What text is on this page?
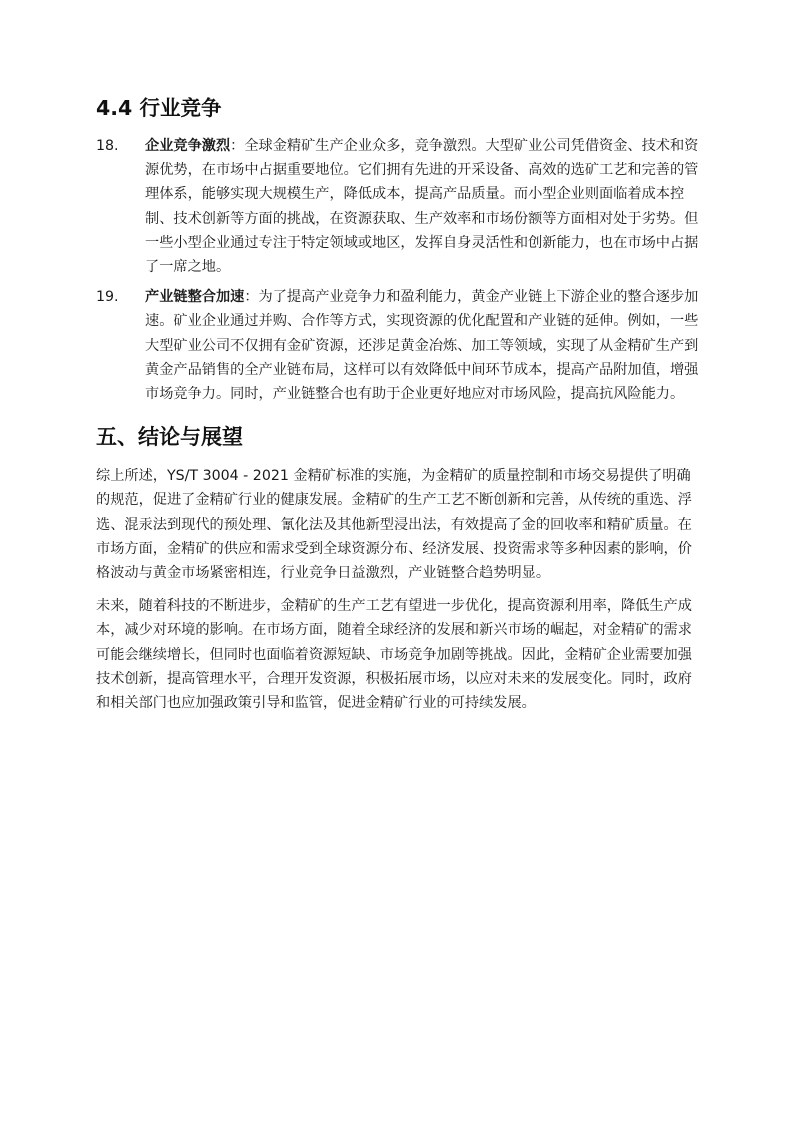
4.4 行业竞争
18.	企业竞争激烈：全球金精矿生产企业众多，竞争激烈。大型矿业公司凭借资金、技术和资源优势，在市场中占据重要地位。它们拥有先进的开采设备、高效的选矿工艺和完善的管理体系，能够实现大规模生产，降低成本，提高产品质量。而小型企业则面临着成本控制、技术创新等方面的挑战，在资源获取、生产效率和市场份额等方面相对处于劣势。但一些小型企业通过专注于特定领域或地区，发挥自身灵活性和创新能力，也在市场中占据了一席之地。
19.	产业链整合加速：为了提高产业竞争力和盈利能力，黄金产业链上下游企业的整合逐步加速。矿业企业通过并购、合作等方式，实现资源的优化配置和产业链的延伸。例如，一些大型矿业公司不仅拥有金矿资源，还涉足黄金冶炼、加工等领域，实现了从金精矿生产到黄金产品销售的全产业链布局，这样可以有效降低中间环节成本，提高产品附加值，增强市场竞争力。同时，产业链整合也有助于企业更好地应对市场风险，提高抗风险能力。
五、结论与展望

综上所述，YS/T 3004 - 2021 金精矿标准的实施，为金精矿的质量控制和市场交易提供了明确的规范，促进了金精矿行业的健康发展。金精矿的生产工艺不断创新和完善，从传统的重选、浮选、混汞法到现代的预处理、氰化法及其他新型浸出法，有效提高了金的回收率和精矿质量。在市场方面，金精矿的供应和需求受到全球资源分布、经济发展、投资需求等多种因素的影响，价格波动与黄金市场紧密相连，行业竞争日益激烈，产业链整合趋势明显。

未来，随着科技的不断进步，金精矿的生产工艺有望进一步优化，提高资源利用率，降低生产成本，减少对环境的影响。在市场方面，随着全球经济的发展和新兴市场的崛起，对金精矿的需求可能会继续增长，但同时也面临着资源短缺、市场竞争加剧等挑战。因此，金精矿企业需要加强技术创新，提高管理水平，合理开发资源，积极拓展市场，以应对未来的发展变化。同时，政府和相关部门也应加强政策引导和监管，促进金精矿行业的可持续发展。
